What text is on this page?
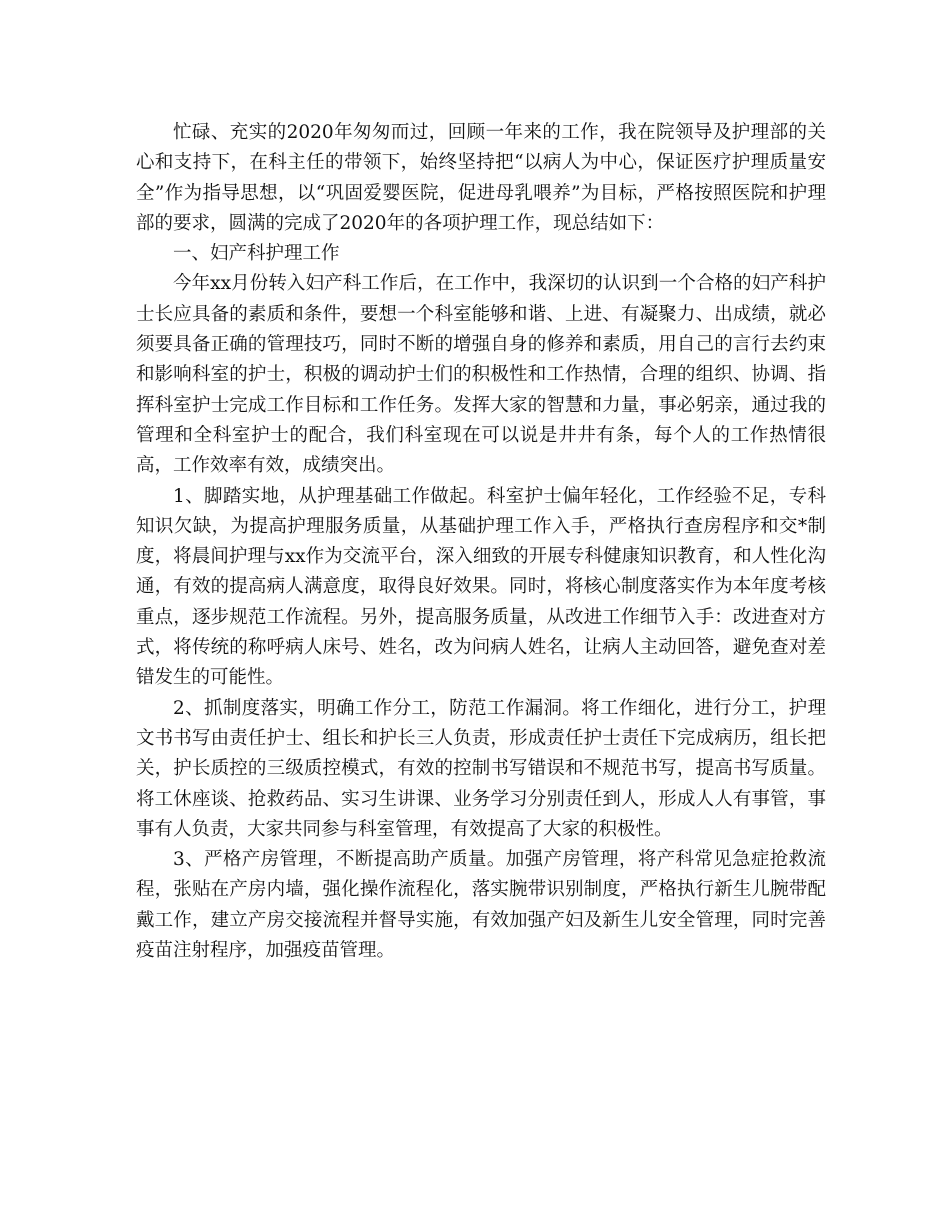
忙碌、充实的2020年匆匆而过，回顾一年来的工作，我在院领导及护理部的关心和支持下，在科主任的带领下，始终坚持把“以病人为中心，保证医疗护理质量安全”作为指导思想，以“巩固爱婴医院，促进母乳喂养”为目标，严格按照医院和护理部的要求，圆满的完成了2020年的各项护理工作，现总结如下：

一、妇产科护理工作

今年xx月份转入妇产科工作后，在工作中，我深切的认识到一个合格的妇产科护士长应具备的素质和条件，要想一个科室能够和谐、上进、有凝聚力、出成绩，就必须要具备正确的管理技巧，同时不断的增强自身的修养和素质，用自己的言行去约束和影响科室的护士，积极的调动护士们的积极性和工作热情，合理的组织、协调、指挥科室护士完成工作目标和工作任务。发挥大家的智慧和力量，事必躬亲，通过我的管理和全科室护士的配合，我们科室现在可以说是井井有条，每个人的工作热情很高，工作效率有效，成绩突出。

1、脚踏实地，从护理基础工作做起。科室护士偏年轻化，工作经验不足，专科知识欠缺，为提高护理服务质量，从基础护理工作入手，严格执行查房程序和交*制度，将晨间护理与xx作为交流平台，深入细致的开展专科健康知识教育，和人性化沟通，有效的提高病人满意度，取得良好效果。同时，将核心制度落实作为本年度考核重点，逐步规范工作流程。另外，提高服务质量，从改进工作细节入手：改进查对方式，将传统的称呼病人床号、姓名，改为问病人姓名，让病人主动回答，避免查对差错发生的可能性。

2、抓制度落实，明确工作分工，防范工作漏洞。将工作细化，进行分工，护理文书书写由责任护士、组长和护长三人负责，形成责任护士责任下完成病历，组长把关，护长质控的三级质控模式，有效的控制书写错误和不规范书写，提高书写质量。将工休座谈、抢救药品、实习生讲课、业务学习分别责任到人，形成人人有事管，事事有人负责，大家共同参与科室管理，有效提高了大家的积极性。

3、严格产房管理，不断提高助产质量。加强产房管理，将产科常见急症抢救流程，张贴在产房内墙，强化操作流程化，落实腕带识别制度，严格执行新生儿腕带配戴工作，建立产房交接流程并督导实施，有效加强产妇及新生儿安全管理，同时完善疫苗注射程序，加强疫苗管理。
